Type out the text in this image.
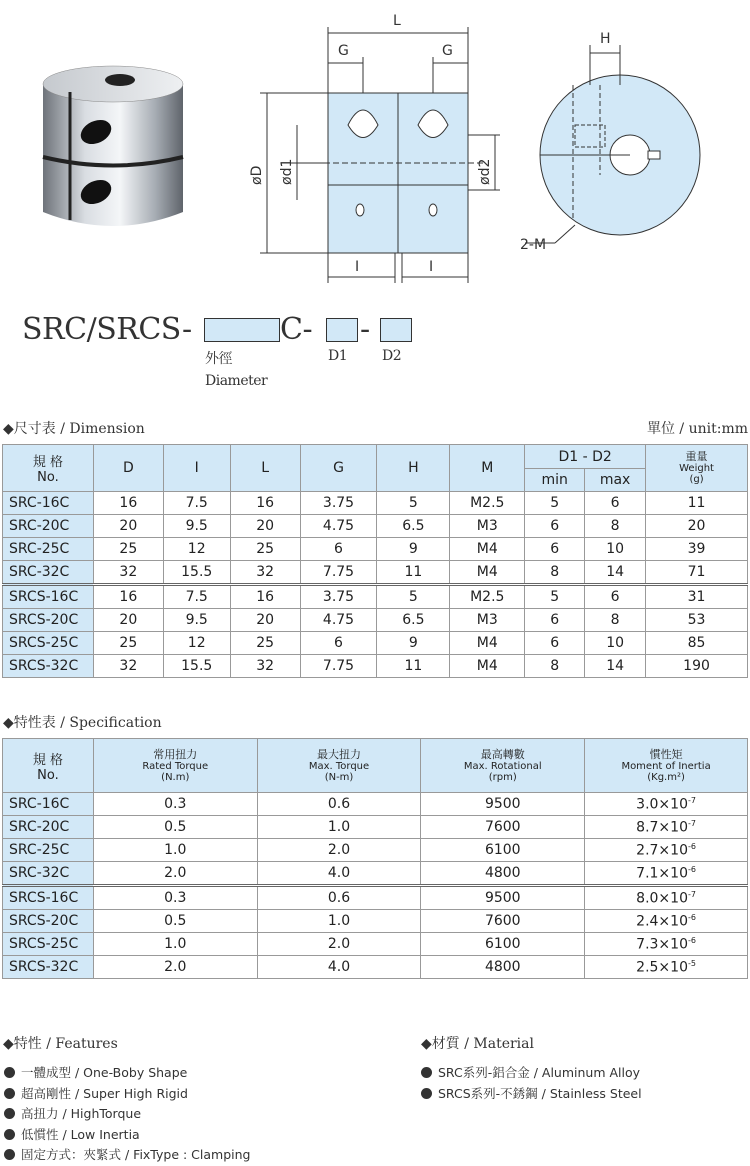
L
G	G
øD ød1	ød2
I	I
H
2-M
SRC/SRCS-	C- -
外徑
Diameter
D1 D2
◆尺寸表 / Dimension	單位 / unit:mm
規 格
No.	D	I	L	G	H	M	D1 - D2		重量
Weight
(g)

							min	max	
SRC-16C	16	7.5	16	3.75	5	M2.5	5	6	11
SRC-20C	20	9.5	20	4.75	6.5	M3	6	8	20
SRC-25C	25	12	25	6	9	M4	6	10	39
SRC-32C	32	15.5	32	7.75	11	M4	8	14	71
SRCS-16C	16	7.5	16	3.75	5	M2.5	5	6	31
SRCS-20C	20	9.5	20	4.75	6.5	M3	6	8	53
SRCS-25C	25	12	25	6	9	M4	6	10	85
SRCS-32C	32	15.5	32	7.75	11	M4	8	14	190
◆特性表 / Specification
規 格
No.	常用扭力
Rated Torque
(N.m)	最大扭力
Max. Torque
(N-m)	最高轉數
Max. Rotational
(rpm)	慣性矩
Moment of Inertia
(Kg.m²)

SRC-16C	0.3	0.6	9500	$3.0\times 10^{-7}$
SRC-20C	0.5	1.0	7600	$8.7\times 10^{-7}$
SRC-25C	1.0	2.0	6100	$2.7\times 10^{-6}$
SRC-32C	2.0	4.0	4800	$7.1\times 10^{-6}$
SRCS-16C	0.3	0.6	9500	$8.0\times 10^{-7}$
SRCS-20C	0.5	1.0	7600	$2.4\times 10^{-6}$
SRCS-25C	1.0	2.0	6100	$7.3\times 10^{-6}$
SRCS-32C	2.0	4.0	4800	$2.5\times 10^{-5}$
◆特性 / Features
一體成型 / One-Boby Shape
超高剛性 / Super High Rigid
高扭力 / HighTorque
低慣性 / Low Inertia
固定方式：夾緊式 / FixType : Clamping
◆材質 / Material
SRC系列-鋁合金 / Aluminum Alloy
SRCS系列-不銹鋼 / Stainless Steel
